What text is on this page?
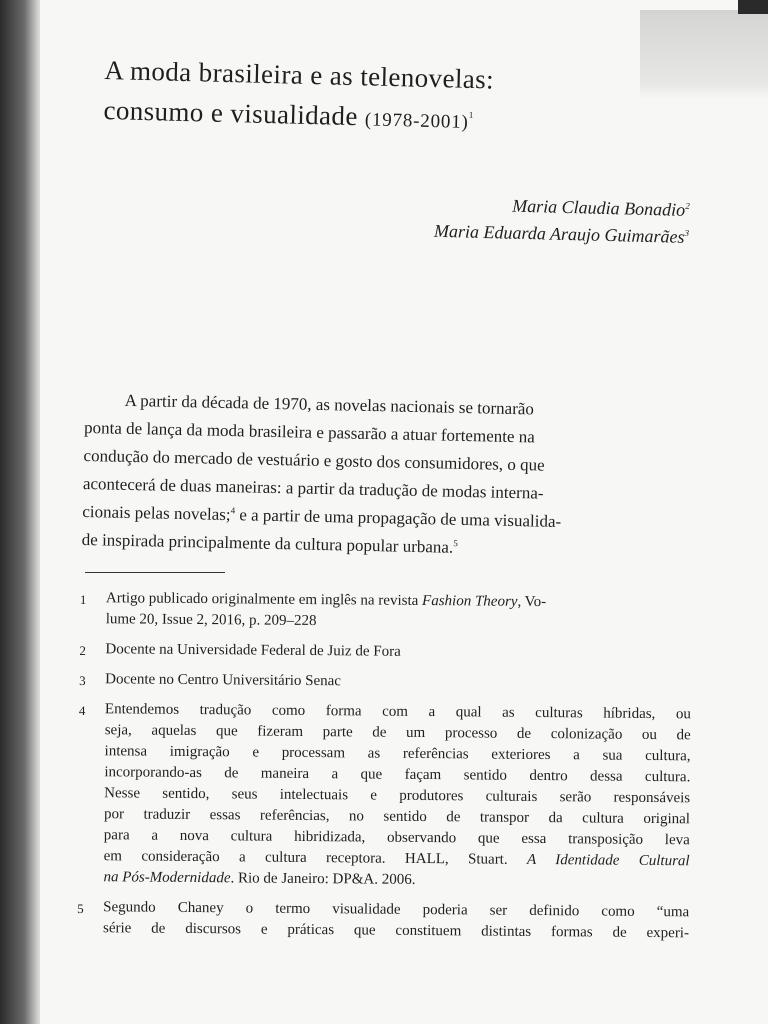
A moda brasileira e as telenovelas:
consumo e visualidade (1978-2001)$^1$
Maria Claudia Bonadio$^2$
Maria Eduarda Araujo Guimarães$^3$
A partir da década de 1970, as novelas nacionais se tornarão
ponta de lança da moda brasileira e passarão a atuar fortemente na
condução do mercado de vestuário e gosto dos consumidores, o que
acontecerá de duas maneiras: a partir da tradução de modas interna-
cionais pelas novelas;$^4$ e a partir de uma propagação de uma visualida-
de inspirada principalmente da cultura popular urbana.$^5$
1	Artigo publicado originalmente em inglês na revista Fashion Theory, Vo-
lume 20, Issue 2, 2016, p. 209–228
2	Docente na Universidade Federal de Juiz de Fora
3	Docente no Centro Universitário Senac
4	Entendemos tradução como forma com a qual as culturas híbridas, ou
seja, aquelas que fizeram parte de um processo de colonização ou de
intensa imigração e processam as referências exteriores a sua cultura,
incorporando-as de maneira a que façam sentido dentro dessa cultura.
Nesse sentido, seus intelectuais e produtores culturais serão responsáveis
por traduzir essas referências, no sentido de transpor da cultura original
para a nova cultura hibridizada, observando que essa transposição leva
em consideração a cultura receptora. HALL, Stuart. A Identidade Cultural
na Pós-Modernidade. Rio de Janeiro: DP&A. 2006.
5	Segundo Chaney o termo visualidade poderia ser definido como “uma
série de discursos e práticas que constituem distintas formas de experi-
